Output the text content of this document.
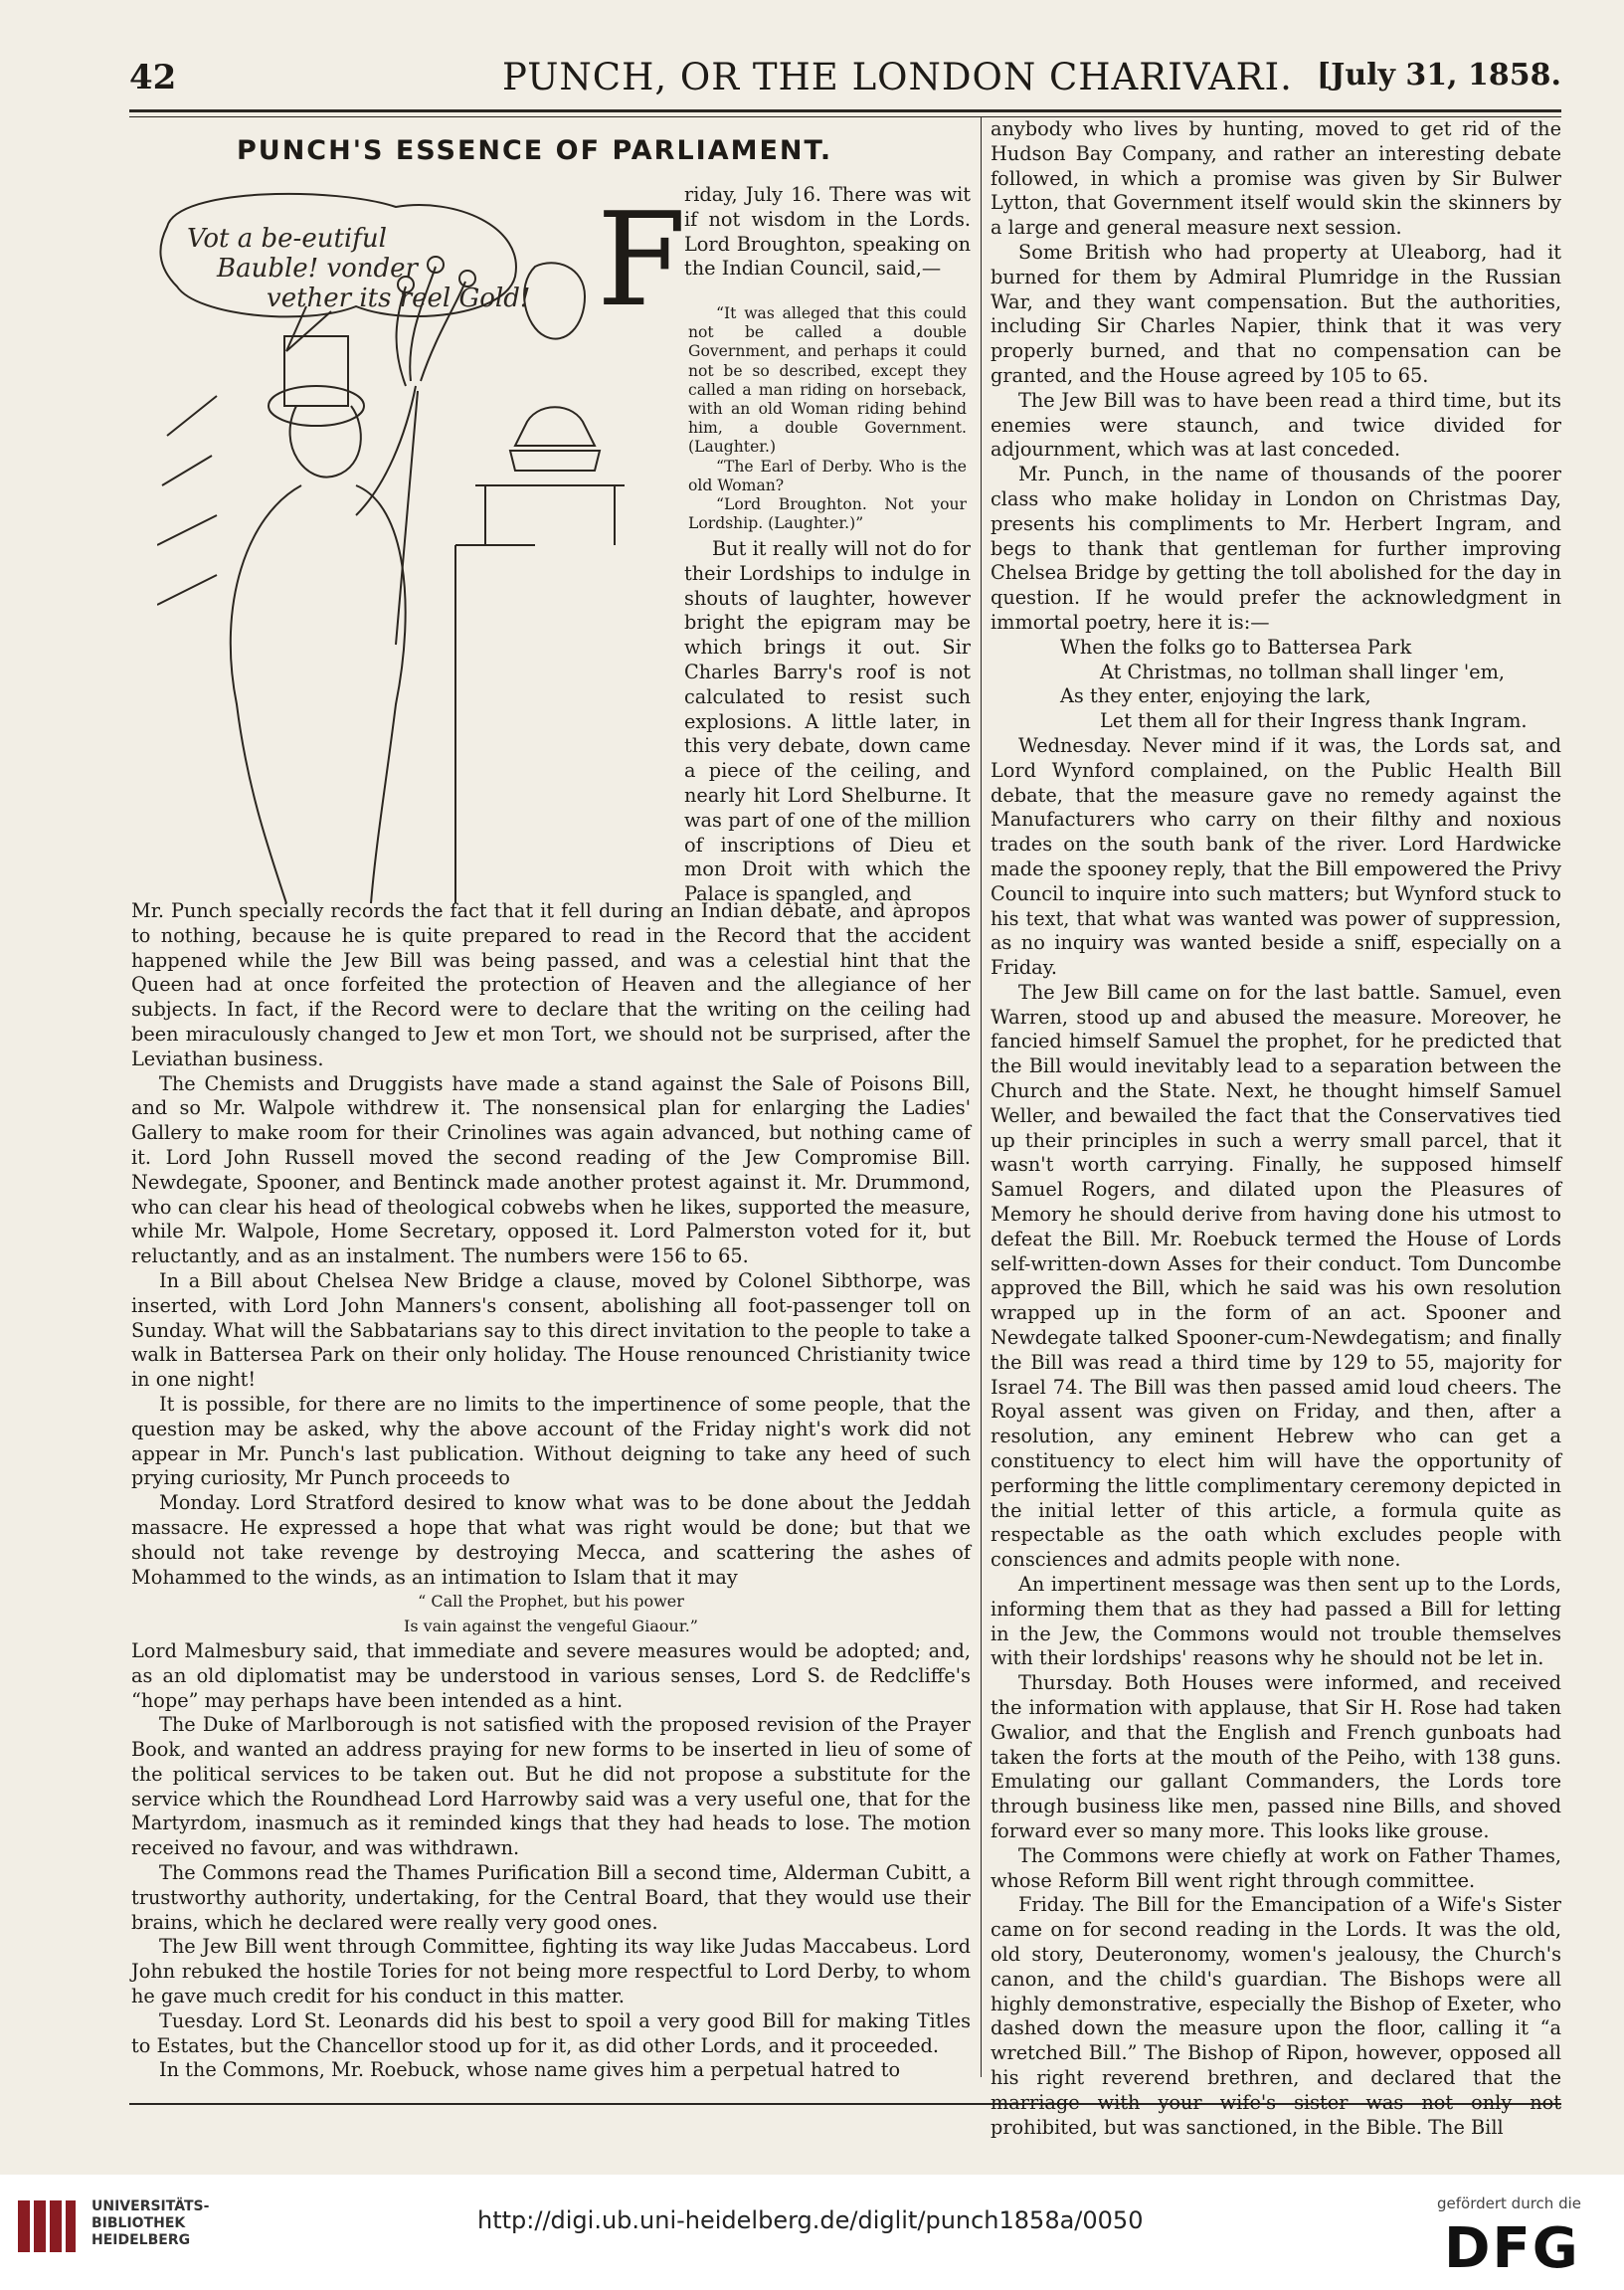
42	PUNCH, OR THE LONDON CHARIVARI. [July 31, 1858.
PUNCH'S ESSENCE OF PARLIAMENT.
Vot a be-eutiful Bauble! vonder vether its reel Gold! F

riday, July 16. There was wit if not wisdom in the Lords. Lord Broughton, speaking on the Indian Council, said,—

“It was alleged that this could not be called a double Government, and perhaps it could not be so described, except they called a man riding on horseback, with an old Woman riding behind him, a double Government. (Laughter.)

“The Earl of Derby. Who is the old Woman?

“Lord Broughton. Not your Lordship. (Laughter.)”

But it really will not do for their Lordships to indulge in shouts of laughter, however bright the epigram may be which brings it out. Sir Charles Barry's roof is not calculated to resist such explosions. A little later, in this very debate, down came a piece of the ceiling, and nearly hit Lord Shelburne. It was part of one of the million of inscriptions of Dieu et mon Droit with which the Palace is spangled, and

Mr. Punch specially records the fact that it fell during an Indian debate, and àpropos to nothing, because he is quite prepared to read in the Record that the accident happened while the Jew Bill was being passed, and was a celestial hint that the Queen had at once forfeited the protection of Heaven and the allegiance of her subjects. In fact, if the Record were to declare that the writing on the ceiling had been miraculously changed to Jew et mon Tort, we should not be surprised, after the Leviathan business.

The Chemists and Druggists have made a stand against the Sale of Poisons Bill, and so Mr. Walpole withdrew it. The nonsensical plan for enlarging the Ladies' Gallery to make room for their Crinolines was again advanced, but nothing came of it. Lord John Russell moved the second reading of the Jew Compromise Bill. Newdegate, Spooner, and Bentinck made another protest against it. Mr. Drummond, who can clear his head of theological cobwebs when he likes, supported the measure, while Mr. Walpole, Home Secretary, opposed it. Lord Palmerston voted for it, but reluctantly, and as an instalment. The numbers were 156 to 65.

In a Bill about Chelsea New Bridge a clause, moved by Colonel Sibthorpe, was inserted, with Lord John Manners's consent, abolishing all foot-passenger toll on Sunday. What will the Sabbatarians say to this direct invitation to the people to take a walk in Battersea Park on their only holiday. The House renounced Christianity twice in one night!

It is possible, for there are no limits to the impertinence of some people, that the question may be asked, why the above account of the Friday night's work did not appear in Mr. Punch's last publication. Without deigning to take any heed of such prying curiosity, Mr Punch proceeds to

Monday. Lord Stratford desired to know what was to be done about the Jeddah massacre. He expressed a hope that what was right would be done; but that we should not take revenge by destroying Mecca, and scattering the ashes of Mohammed to the winds, as an intimation to Islam that it may

“ Call the Prophet, but his power

Is vain against the vengeful Giaour.”

Lord Malmesbury said, that immediate and severe measures would be adopted; and, as an old diplomatist may be understood in various senses, Lord S. de Redcliffe's “hope” may perhaps have been intended as a hint.

The Duke of Marlborough is not satisfied with the proposed revision of the Prayer Book, and wanted an address praying for new forms to be inserted in lieu of some of the political services to be taken out. But he did not propose a substitute for the service which the Roundhead Lord Harrowby said was a very useful one, that for the Martyrdom, inasmuch as it reminded kings that they had heads to lose. The motion received no favour, and was withdrawn.

The Commons read the Thames Purification Bill a second time, Alderman Cubitt, a trustworthy authority, undertaking, for the Central Board, that they would use their brains, which he declared were really very good ones.

The Jew Bill went through Committee, fighting its way like Judas Maccabeus. Lord John rebuked the hostile Tories for not being more respectful to Lord Derby, to whom he gave much credit for his conduct in this matter.

Tuesday. Lord St. Leonards did his best to spoil a very good Bill for making Titles to Estates, but the Chancellor stood up for it, as did other Lords, and it proceeded.

In the Commons, Mr. Roebuck, whose name gives him a perpetual hatred to

anybody who lives by hunting, moved to get rid of the Hudson Bay Company, and rather an interesting debate followed, in which a promise was given by Sir Bulwer Lytton, that Government itself would skin the skinners by a large and general measure next session.

Some British who had property at Uleaborg, had it burned for them by Admiral Plumridge in the Russian War, and they want compensation. But the authorities, including Sir Charles Napier, think that it was very properly burned, and that no compensation can be granted, and the House agreed by 105 to 65.

The Jew Bill was to have been read a third time, but its enemies were staunch, and twice divided for adjournment, which was at last conceded.

Mr. Punch, in the name of thousands of the poorer class who make holiday in London on Christmas Day, presents his compliments to Mr. Herbert Ingram, and begs to thank that gentleman for further improving Chelsea Bridge by getting the toll abolished for the day in question. If he would prefer the acknowledgment in immortal poetry, here it is:—

When the folks go to Battersea Park

At Christmas, no tollman shall linger 'em,

As they enter, enjoying the lark,

Let them all for their Ingress thank Ingram.

Wednesday. Never mind if it was, the Lords sat, and Lord Wynford complained, on the Public Health Bill debate, that the measure gave no remedy against the Manufacturers who carry on their filthy and noxious trades on the south bank of the river. Lord Hardwicke made the spooney reply, that the Bill empowered the Privy Council to inquire into such matters; but Wynford stuck to his text, that what was wanted was power of suppression, as no inquiry was wanted beside a sniff, especially on a Friday.

The Jew Bill came on for the last battle. Samuel, even Warren, stood up and abused the measure. Moreover, he fancied himself Samuel the prophet, for he predicted that the Bill would inevitably lead to a separation between the Church and the State. Next, he thought himself Samuel Weller, and bewailed the fact that the Conservatives tied up their principles in such a werry small parcel, that it wasn't worth carrying. Finally, he supposed himself Samuel Rogers, and dilated upon the Pleasures of Memory he should derive from having done his utmost to defeat the Bill. Mr. Roebuck termed the House of Lords self-written-down Asses for their conduct. Tom Duncombe approved the Bill, which he said was his own resolution wrapped up in the form of an act. Spooner and Newdegate talked Spooner-cum-Newdegatism; and finally the Bill was read a third time by 129 to 55, majority for Israel 74. The Bill was then passed amid loud cheers. The Royal assent was given on Friday, and then, after a resolution, any eminent Hebrew who can get a constituency to elect him will have the opportunity of performing the little complimentary ceremony depicted in the initial letter of this article, a formula quite as respectable as the oath which excludes people with consciences and admits people with none.

An impertinent message was then sent up to the Lords, informing them that as they had passed a Bill for letting in the Jew, the Commons would not trouble themselves with their lordships' reasons why he should not be let in.

Thursday. Both Houses were informed, and received the information with applause, that Sir H. Rose had taken Gwalior, and that the English and French gunboats had taken the forts at the mouth of the Peiho, with 138 guns. Emulating our gallant Commanders, the Lords tore through business like men, passed nine Bills, and shoved forward ever so many more. This looks like grouse.

The Commons were chiefly at work on Father Thames, whose Reform Bill went right through committee.

Friday. The Bill for the Emancipation of a Wife's Sister came on for second reading in the Lords. It was the old, old story, Deuteronomy, women's jealousy, the Church's canon, and the child's guardian. The Bishops were all highly demonstrative, especially the Bishop of Exeter, who dashed down the measure upon the floor, calling it “a wretched Bill.” The Bishop of Ripon, however, opposed all his right reverend brethren, and declared that the marriage with your wife's sister was not only not prohibited, but was sanctioned, in the Bible. The Bill

UNIVERSITÄTS-
BIBLIOTHEK
HEIDELBERG
http://digi.ub.uni-heidelberg.de/diglit/punch1858a/0050
gefördert durch die
DFG
